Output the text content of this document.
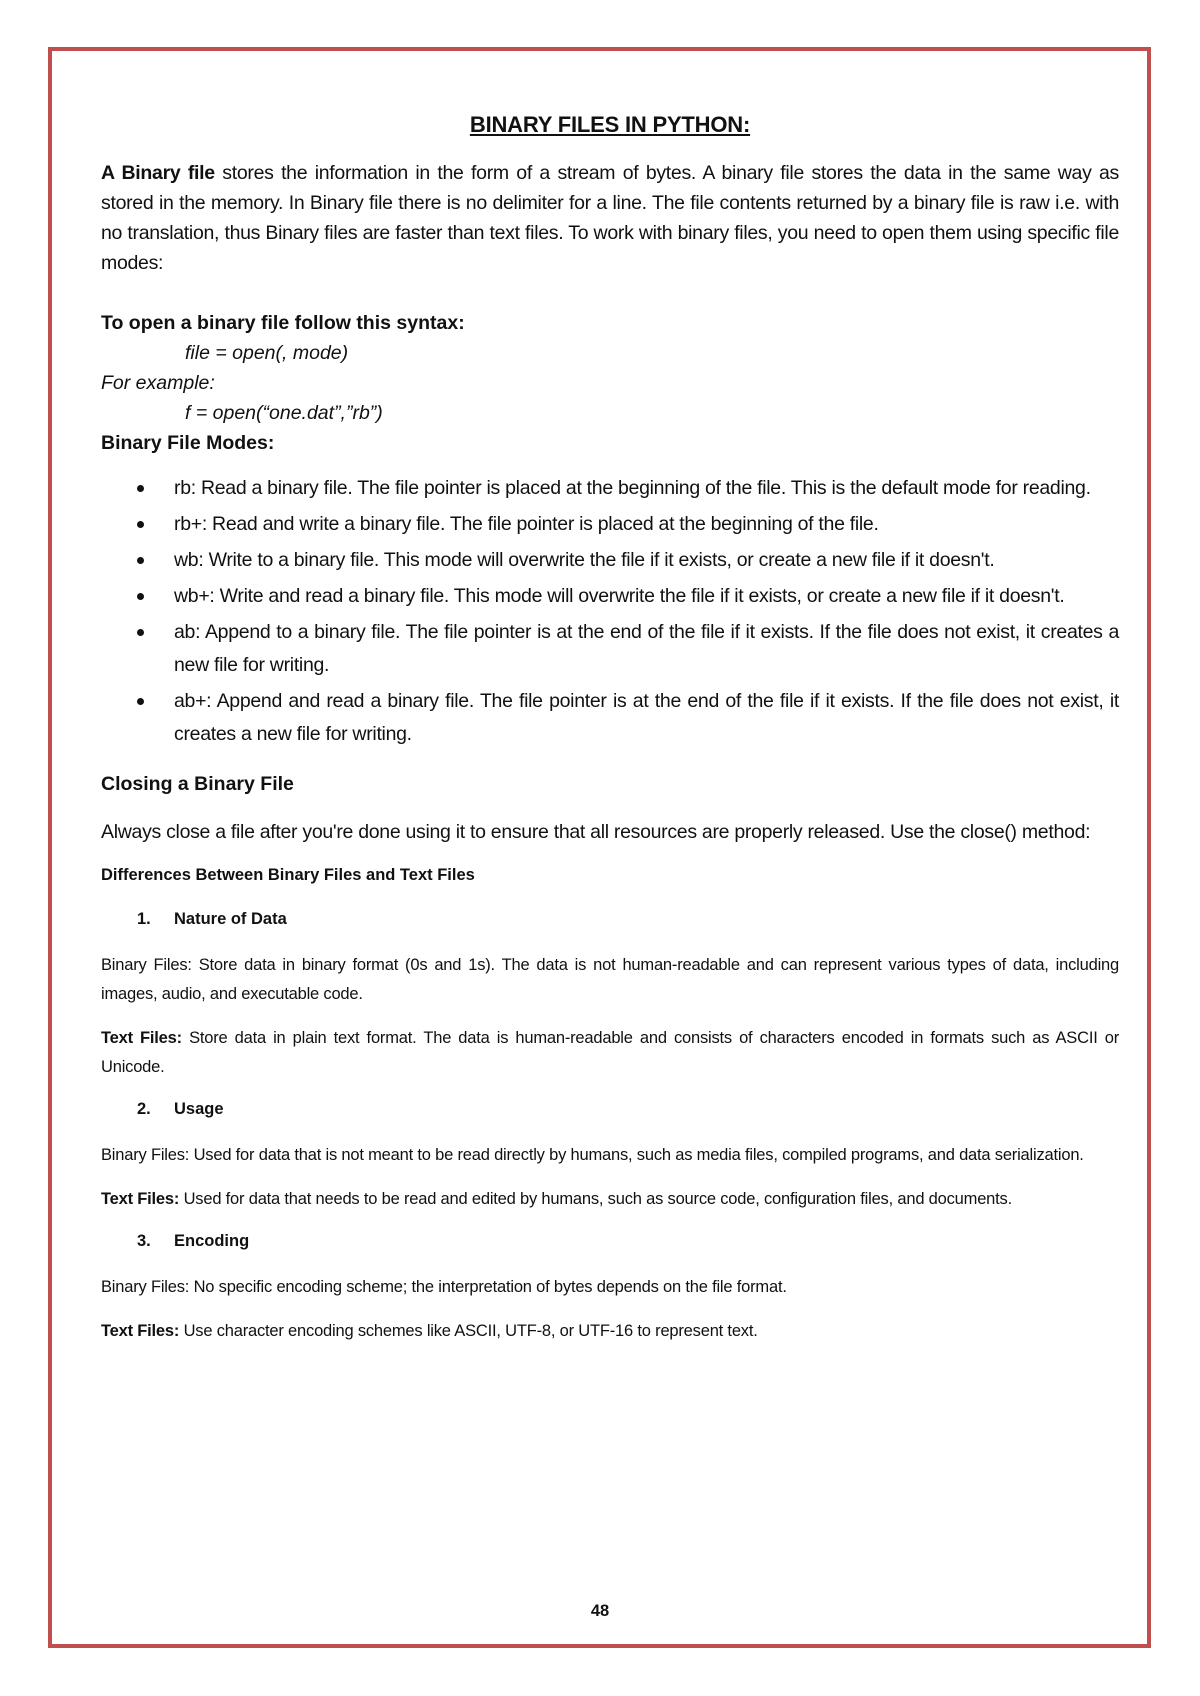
BINARY FILES IN PYTHON:

A Binary file stores the information in the form of a stream of bytes. A binary file stores the data in the same way as stored in the memory. In Binary file there is no delimiter for a line. The file contents returned by a binary file is raw i.e. with no translation, thus Binary files are faster than text files. To work with binary files, you need to open them using specific file modes:

To open a binary file follow this syntax:

file = open(, mode)

For example:

f = open(“one.dat”,”rb”)

Binary File Modes:

rb: Read a binary file. The file pointer is placed at the beginning of the file. This is the default mode for reading.
rb+: Read and write a binary file. The file pointer is placed at the beginning of the file.
wb: Write to a binary file. This mode will overwrite the file if it exists, or create a new file if it doesn't.
wb+: Write and read a binary file. This mode will overwrite the file if it exists, or create a new file if it doesn't.
ab: Append to a binary file. The file pointer is at the end of the file if it exists. If the file does not exist, it creates a new file for writing.
ab+: Append and read a binary file. The file pointer is at the end of the file if it exists. If the file does not exist, it creates a new file for writing.

Closing a Binary File

Always close a file after you're done using it to ensure that all resources are properly released. Use the close() method:

Differences Between Binary Files and Text Files

1. Nature of Data

Binary Files: Store data in binary format (0s and 1s). The data is not human-readable and can represent various types of data, including images, audio, and executable code.

Text Files: Store data in plain text format. The data is human-readable and consists of characters encoded in formats such as ASCII or Unicode.

2. Usage

Binary Files: Used for data that is not meant to be read directly by humans, such as media files, compiled programs, and data serialization.

Text Files: Used for data that needs to be read and edited by humans, such as source code, configuration files, and documents.

3. Encoding

Binary Files: No specific encoding scheme; the interpretation of bytes depends on the file format.

Text Files: Use character encoding schemes like ASCII, UTF-8, or UTF-16 to represent text.

48
